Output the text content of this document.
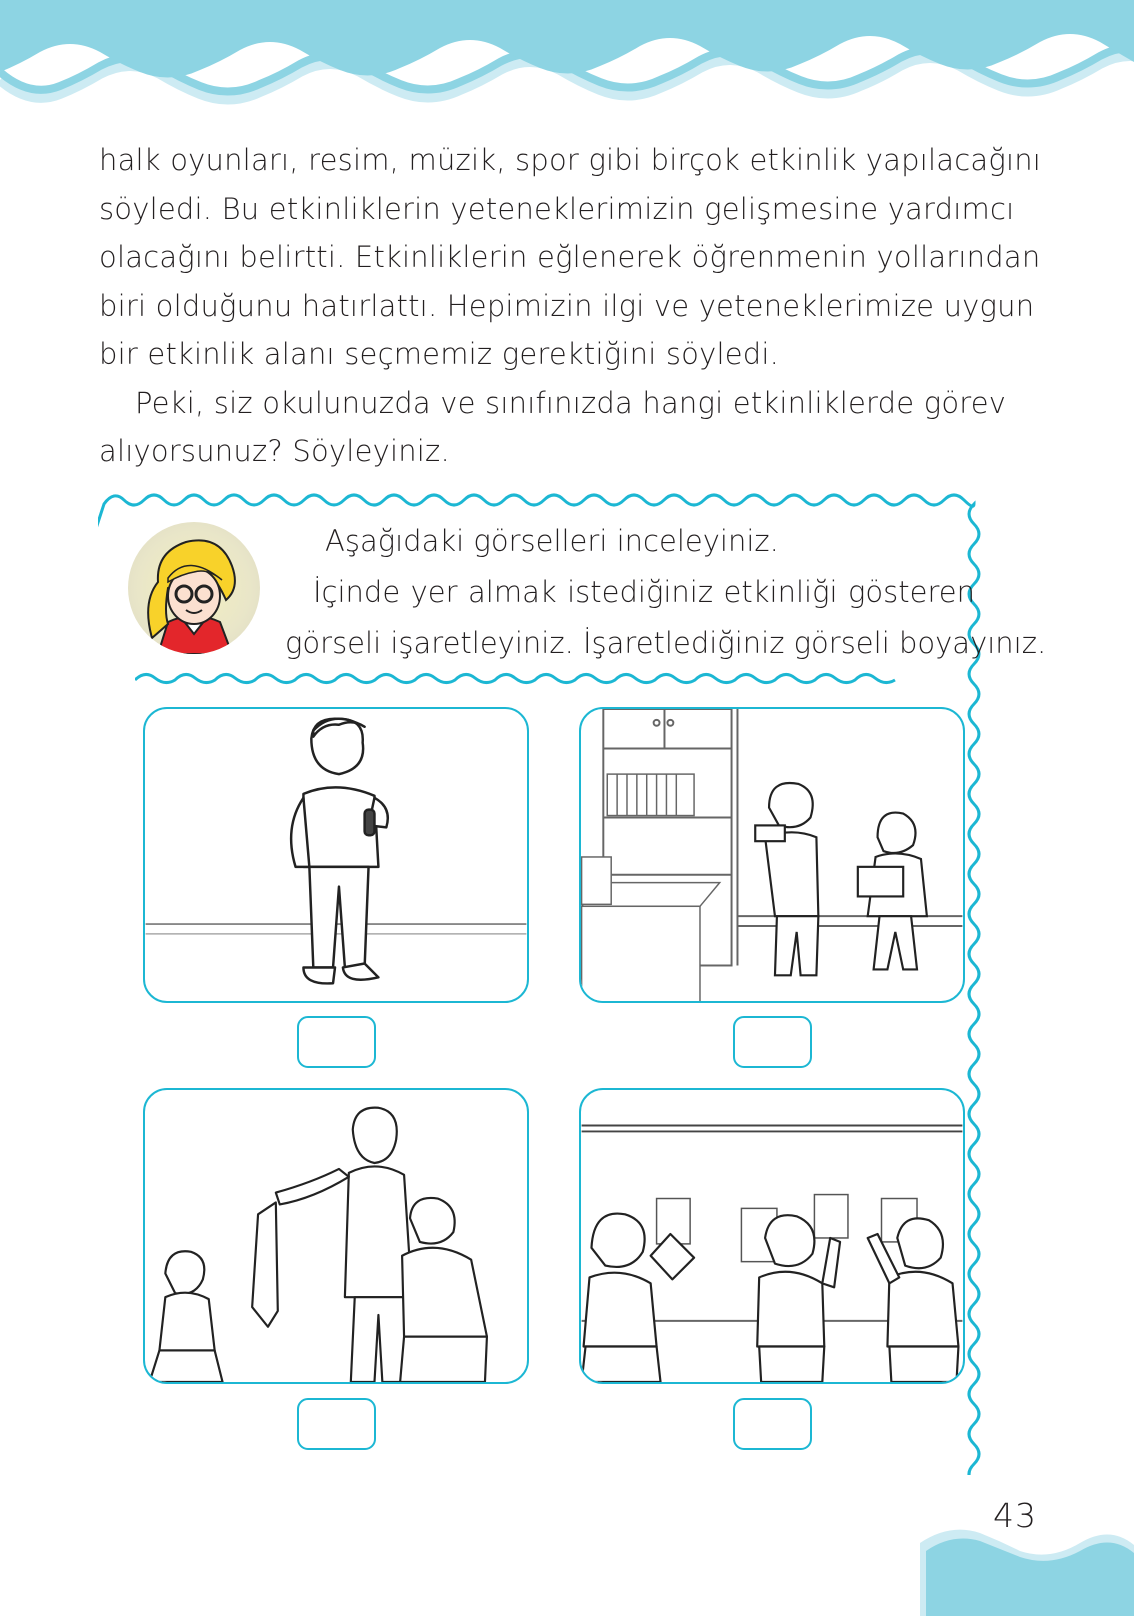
halk oyunları, resim, müzik, spor gibi birçok etkinlik yapılacağını
söyledi. Bu etkinliklerin yeteneklerimizin gelişmesine yardımcı
olacağını belirtti. Etkinliklerin eğlenerek öğrenmenin yollarından
biri olduğunu hatırlattı. Hepimizin ilgi ve yeteneklerimize uygun
bir etkinlik alanı seçmemiz gerektiğini söyledi.

Peki, siz okulunuzda ve sınıfınızda hangi etkinliklerde görev
alıyorsunuz? Söyleyiniz.

Aşağıdaki görselleri inceleyiniz.
İçinde yer almak istediğiniz etkinliği gösteren
görseli işaretleyiniz. İşaretlediğiniz görseli boyayınız.
43
